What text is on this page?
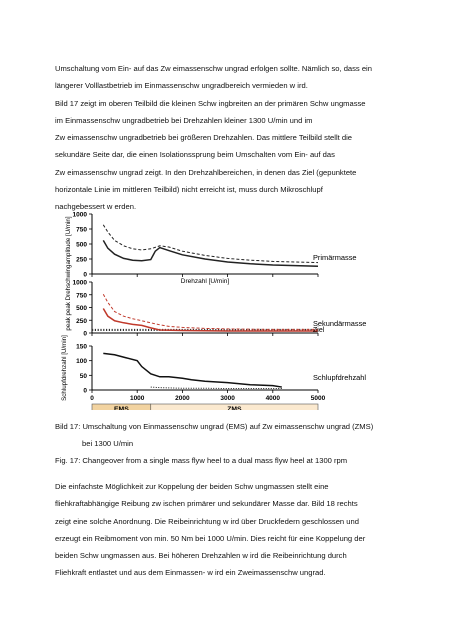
Umschaltung vom Ein- auf das Zw eimassenschw ungrad erfolgen sollte. Nämlich so, dass ein
längerer Volllastbetrieb im Einmassenschw ungradbereich vermieden w ird.
Bild 17 zeigt im oberen Teilbild die kleinen Schw ingbreiten an der primären Schw ungmasse
im Einmassenschw ungradbetrieb bei Drehzahlen kleiner 1300 U/min und im
Zw eimassenschw ungradbetrieb bei größeren Drehzahlen. Das mittlere Teilbild stellt die
sekundäre Seite dar, die einen Isolationssprung beim Umschalten vom Ein- auf das
Zw eimassenschw ungrad zeigt. In den Drehzahlbereichen, in denen das Ziel (gepunktete
horizontale Linie im mittleren Teilbild) nicht erreicht ist, muss durch Mikroschlupf
nachgebessert w erden.
1000
750
500
250
0
Primärmasse
1000
750
500
250
0
Sekundärmasse
Ziel
Drehzahl [U/min]
150
100
50
0
Schlupfdrehzahl
Schlupfdrehzahl [U/min]	0	1000	2000	3000	4000	5000
peak peak Drehschwingamplitude [U/min]
EMS	ZMS
Bild 17: Umschaltung von Einmassenschw ungrad (EMS) auf Zw eimassenschw ungrad (ZMS)
bei 1300 U/min
Fig. 17: Changeover from a single mass flyw heel to a dual mass flyw heel at 1300 rpm
Die einfachste Möglichkeit zur Koppelung der beiden Schw ungmassen stellt eine
fliehkraftabhängige Reibung zw ischen primärer und sekundärer Masse dar. Bild 18 rechts
zeigt eine solche Anordnung. Die Reibeinrichtung w ird über Druckfedern geschlossen und
erzeugt ein Reibmoment von min. 50 Nm bei 1000 U/min. Dies reicht für eine Koppelung der
beiden Schw ungmassen aus. Bei höheren Drehzahlen w ird die Reibeinrichtung durch
Fliehkraft entlastet und aus dem Einmassen- w ird ein Zweimassenschw ungrad.
